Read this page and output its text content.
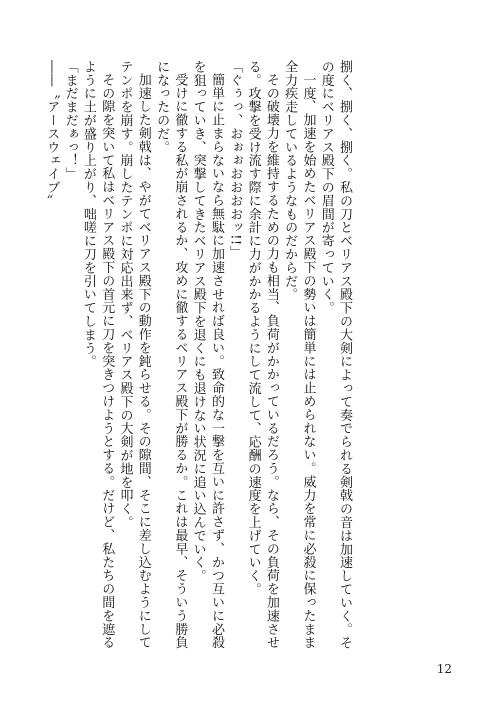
捌く、捌く、捌く。私の刀とベリアス殿下の大剣によって奏でられる剣戟の音は加速していく。その度にベリアス殿下の眉間が寄っていく。

一度、加速を始めたベリアス殿下の勢いは簡単には止められない。威力を常に必殺に保ったまま全力疾走しているようなものだからだ。

その破壊力を維持するための力も相当、負荷がかかっているだろう。なら、その負荷を加速させる。攻撃を受け流す際に余計に力がかかるようにして流して、応酬の速度を上げていく。

「ぐぅっ、おぉぉおおおおッ!!」

簡単に止まらないなら無駄に加速させれば良い。致命的な一撃を互いに許さず、かつ互いに必殺を狙っていき、突撃してきたベリアス殿下を退くにも退けない状況に追い込んでいく。

受けに徹する私が崩されるか、攻めに徹するベリアス殿下が勝るか。これは最早、そういう勝負になったのだ。

加速した剣戟は、やがてベリアス殿下の動作を鈍らせる。その隙間、そこに差し込むようにしてテンポを崩す。崩したテンポに対応出来ず、ベリアス殿下の大剣が地を叩く。

その隙を突いて私はベリアス殿下の首元に刀を突きつけようとする。だけど、私たちの間を遮るように土が盛り上がり、咄嗟に刀を引いてしまう。

「まだまだぁっ！」

――〝アースウェイブ〟

12
